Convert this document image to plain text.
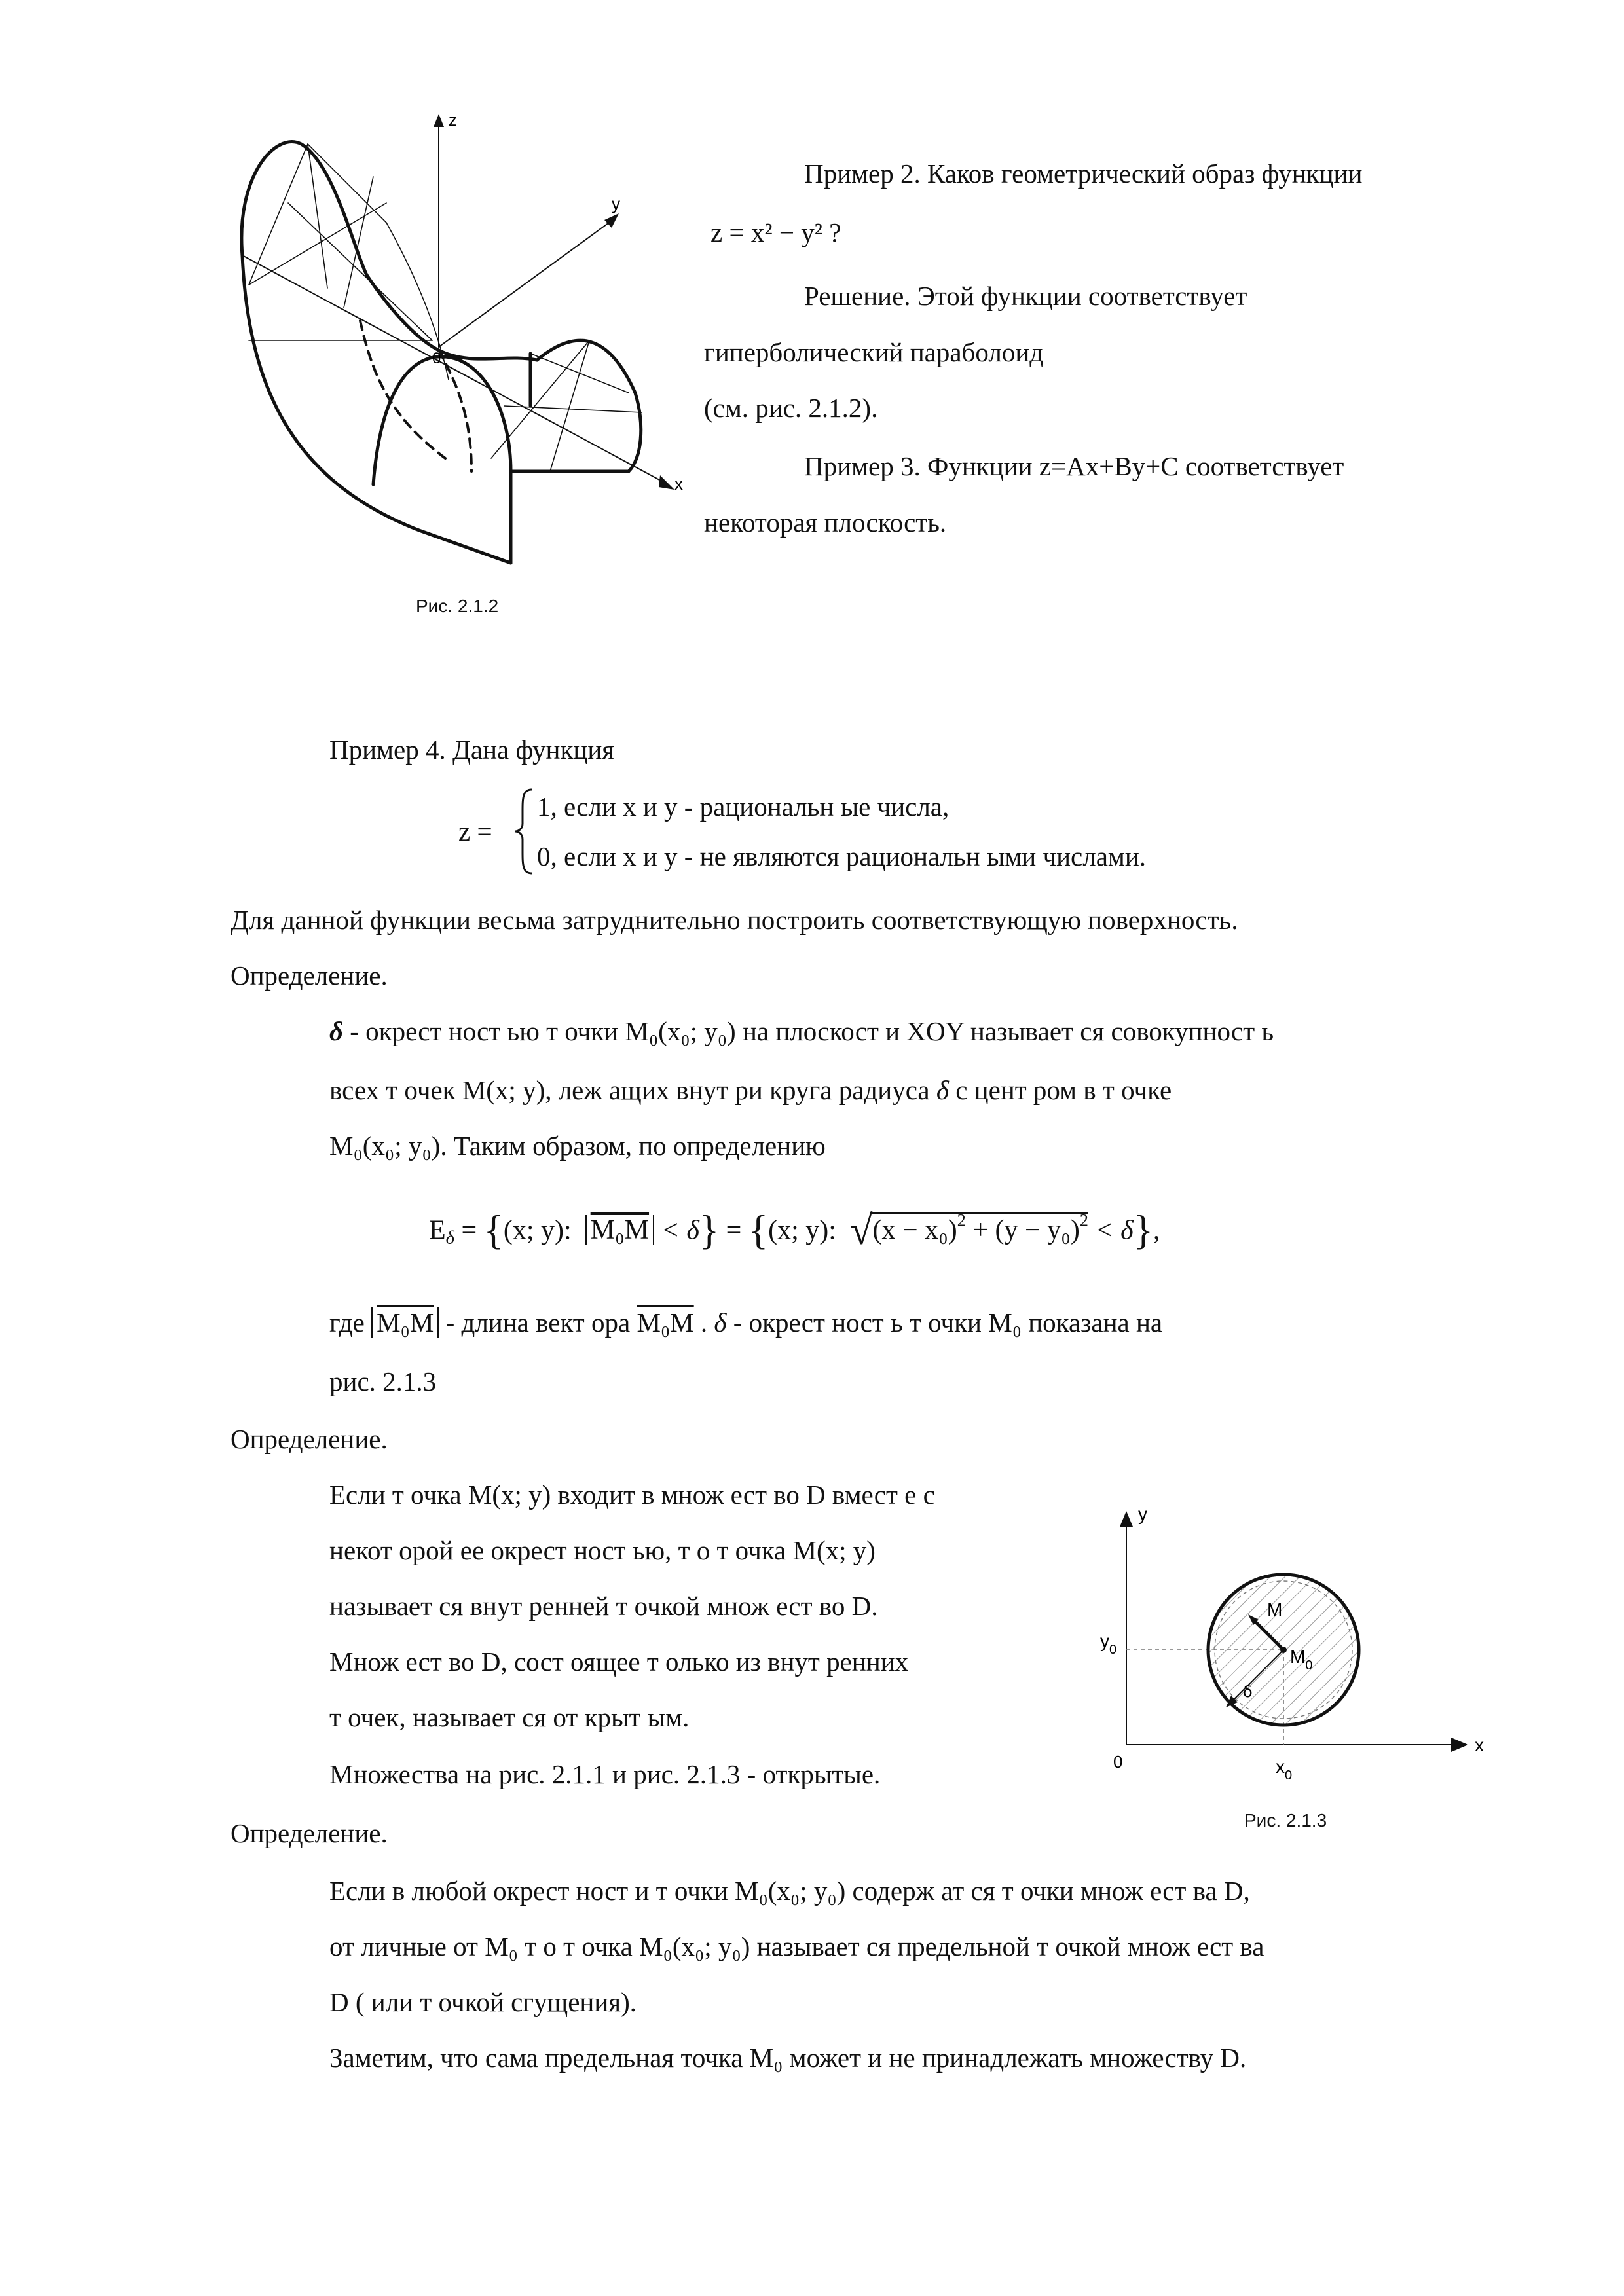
z
y
x
0
Рис. 2.1.2
Пример 2. Каков геометрический образ функции
z = x² − y² ?
Решение. Этой функции соответствует
гиперболический параболоид
(см. рис. 2.1.2).
Пример 3. Функции z=Ax+By+C соответствует
некоторая плоскость.
Пример 4. Дана функция
z =
1, если x и y - рациональн ые числа,
0, если x и y - не являются рациональн ыми числами.
Для данной функции весьма затруднительно построить соответствующую поверхность.
Определение.
δ - окрест ност ью т очки M₀(x₀; y₀) на плоскост и XOY называет ся совокупност ь
всех т очек M(x; y), леж ащих внут ри круга радиуса δ с цент ром в т очке
M₀(x₀; y₀). Таким образом, по определению
$E_\delta = \{(x$; y): M₀M < δ} = {(x; y): $√(x - x_0)^2 + (y - y_0)^2 < \delta$},
где M₀M - длина вект ора M₀M . δ - окрест ност ь т очки M₀ показана на
рис. 2.1.3
Определение.
Если т очка M(x; y) входит в множ ест во D вмест е с
некот орой ее окрест ност ью, т о т очка M(x; y)
называет ся внут ренней т очкой множ ест во D.
Множ ест во D, сост оящее т олько из внут ренних
т очек, называет ся от крыт ым.
Множества на рис. 2.1.1 и рис. 2.1.3 - открытые.
y
x
0
$y_0$
$x_0$
M
$M_0$
δ
Рис. 2.1.3
Определение.
Если в любой окрест ност и т очки M₀(x₀; y₀) содерж ат ся т очки множ ест ва D,
от личные от M₀ т о т очка M₀(x₀; y₀) называет ся предельной т очкой множ ест ва
D ( или т очкой сгущения).
Заметим, что сама предельная точка M₀ может и не принадлежать множеству D.
